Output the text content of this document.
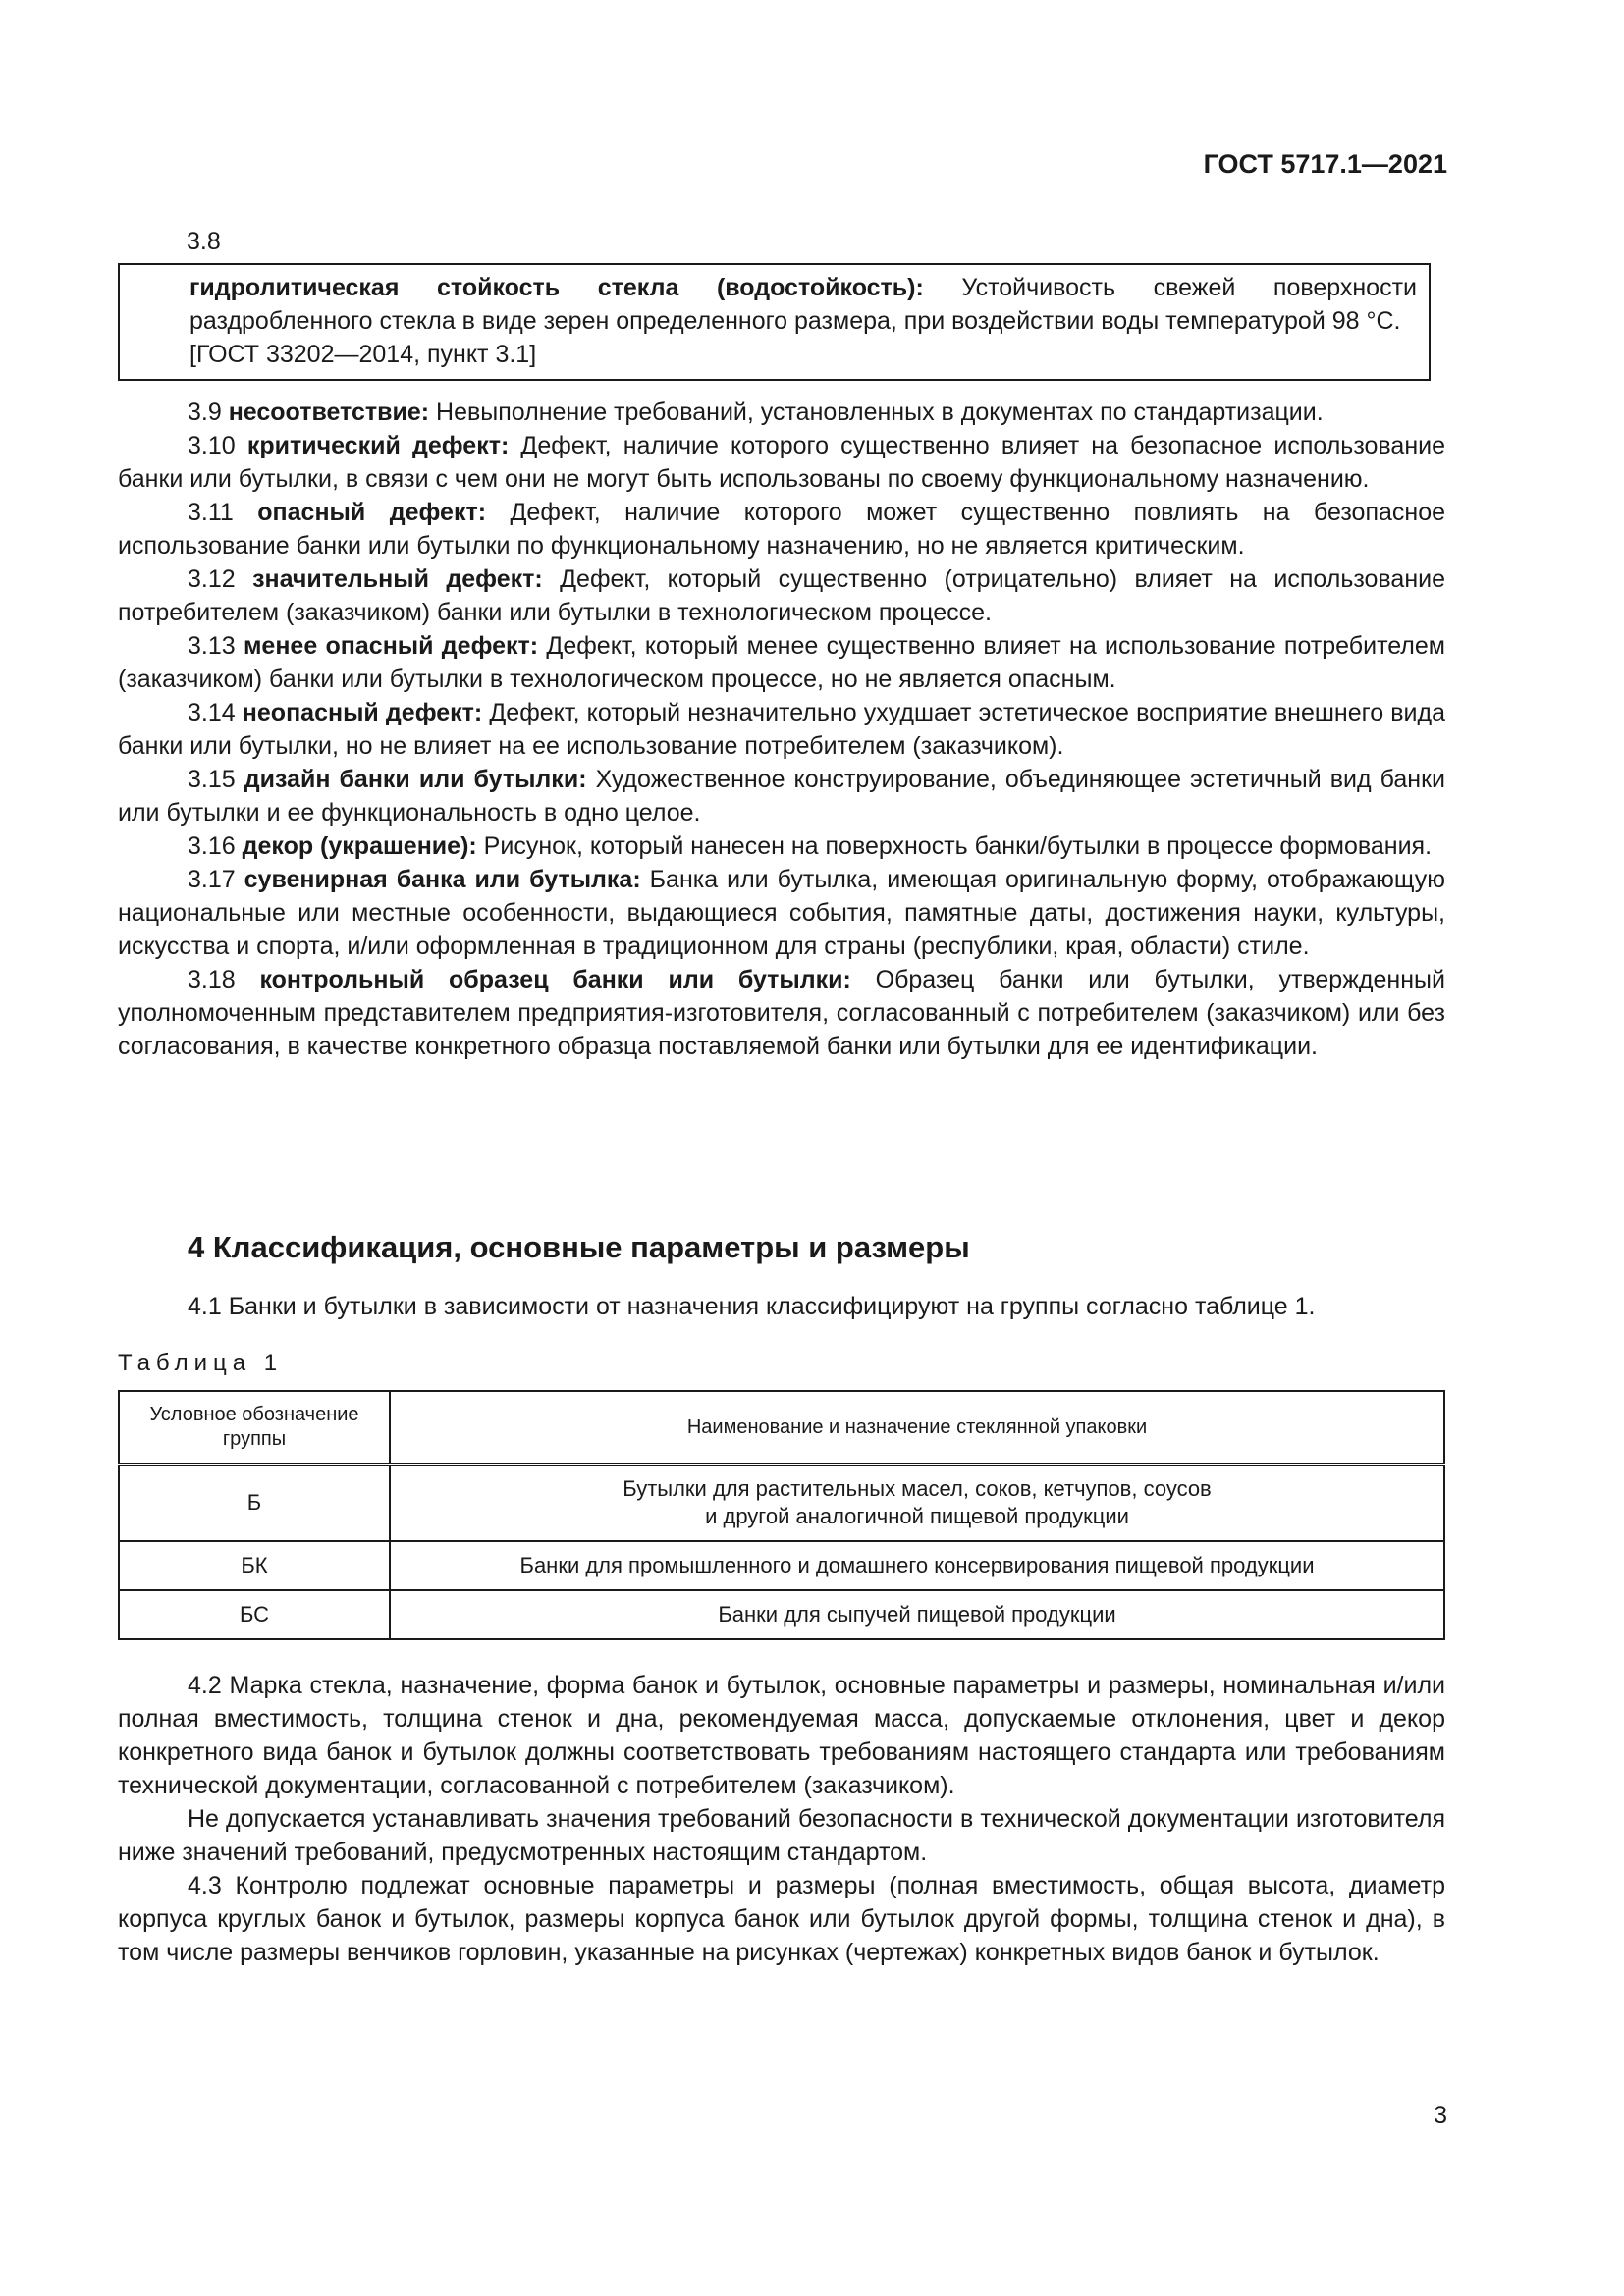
ГОСТ 5717.1—2021
3.8

гидролитическая стойкость стекла (водостойкость): Устойчивость свежей поверхности раздробленного стекла в виде зерен определенного размера, при воздействии воды температурой 98 °С.

[ГОСТ 33202—2014, пункт 3.1]

3.9 несоответствие: Невыполнение требований, установленных в документах по стандартизации.

3.10 критический дефект: Дефект, наличие которого существенно влияет на безопасное использование банки или бутылки, в связи с чем они не могут быть использованы по своему функциональному назначению.

3.11 опасный дефект: Дефект, наличие которого может существенно повлиять на безопасное использование банки или бутылки по функциональному назначению, но не является критическим.

3.12 значительный дефект: Дефект, который существенно (отрицательно) влияет на использование потребителем (заказчиком) банки или бутылки в технологическом процессе.

3.13 менее опасный дефект: Дефект, который менее существенно влияет на использование потребителем (заказчиком) банки или бутылки в технологическом процессе, но не является опасным.

3.14 неопасный дефект: Дефект, который незначительно ухудшает эстетическое восприятие внешнего вида банки или бутылки, но не влияет на ее использование потребителем (заказчиком).

3.15 дизайн банки или бутылки: Художественное конструирование, объединяющее эстетичный вид банки или бутылки и ее функциональность в одно целое.

3.16 декор (украшение): Рисунок, который нанесен на поверхность банки/бутылки в процессе формования.

3.17 сувенирная банка или бутылка: Банка или бутылка, имеющая оригинальную форму, отображающую национальные или местные особенности, выдающиеся события, памятные даты, достижения науки, культуры, искусства и спорта, и/или оформленная в традиционном для страны (республики, края, области) стиле.

3.18 контрольный образец банки или бутылки: Образец банки или бутылки, утвержденный уполномоченным представителем предприятия-изготовителя, согласованный с потребителем (заказчиком) или без согласования, в качестве конкретного образца поставляемой банки или бутылки для ее идентификации.

4 Классификация, основные параметры и размеры

4.1 Банки и бутылки в зависимости от назначения классифицируют на группы согласно таблице 1.

Таблица 1
Условное обозначение группы	Наименование и назначение стеклянной упаковки
Б	Бутылки для растительных масел, соков, кетчупов, соусов
и другой аналогичной пищевой продукции

БК	Банки для промышленного и домашнего консервирования пищевой продукции
БС	Банки для сыпучей пищевой продукции

4.2 Марка стекла, назначение, форма банок и бутылок, основные параметры и размеры, номинальная и/или полная вместимость, толщина стенок и дна, рекомендуемая масса, допускаемые отклонения, цвет и декор конкретного вида банок и бутылок должны соответствовать требованиям настоящего стандарта или требованиям технической документации, согласованной с потребителем (заказчиком).

Не допускается устанавливать значения требований безопасности в технической документации изготовителя ниже значений требований, предусмотренных настоящим стандартом.

4.3 Контролю подлежат основные параметры и размеры (полная вместимость, общая высота, диаметр корпуса круглых банок и бутылок, размеры корпуса банок или бутылок другой формы, толщина стенок и дна), в том числе размеры венчиков горловин, указанные на рисунках (чертежах) конкретных видов банок и бутылок.

3
